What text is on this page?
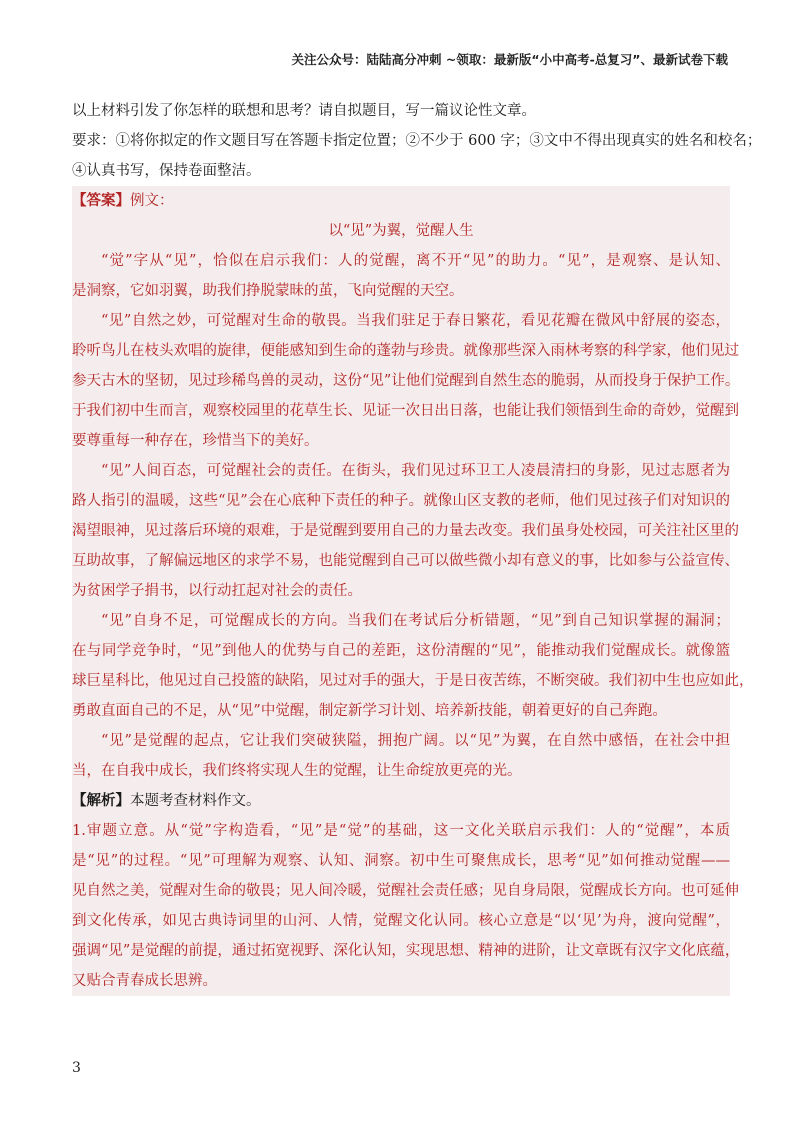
关注公众号：陆陆高分冲刺 ~领取：最新版“小中高考-总复习”、最新试卷下载
以上材料引发了你怎样的联想和思考？请自拟题目，写一篇议论性文章。
要求：①将你拟定的作文题目写在答题卡指定位置；②不少于 600 字；③文中不得出现真实的姓名和校名；
④认真书写，保持卷面整洁。
【答案】例文：
以“见”为翼，觉醒人生
“觉”字从“见”，恰似在启示我们：人的觉醒，离不开“见”的助力。“见”，是观察、是认知、
是洞察，它如羽翼，助我们挣脱蒙昧的茧，飞向觉醒的天空。
“见”自然之妙，可觉醒对生命的敬畏。当我们驻足于春日繁花，看见花瓣在微风中舒展的姿态，
聆听鸟儿在枝头欢唱的旋律，便能感知到生命的蓬勃与珍贵。就像那些深入雨林考察的科学家，他们见过
参天古木的坚韧，见过珍稀鸟兽的灵动，这份“见”让他们觉醒到自然生态的脆弱，从而投身于保护工作。
于我们初中生而言，观察校园里的花草生长、见证一次日出日落，也能让我们领悟到生命的奇妙，觉醒到
要尊重每一种存在，珍惜当下的美好。
“见”人间百态，可觉醒社会的责任。在街头，我们见过环卫工人凌晨清扫的身影，见过志愿者为
路人指引的温暖，这些“见”会在心底种下责任的种子。就像山区支教的老师，他们见过孩子们对知识的
渴望眼神，见过落后环境的艰难，于是觉醒到要用自己的力量去改变。我们虽身处校园，可关注社区里的
互助故事，了解偏远地区的求学不易，也能觉醒到自己可以做些微小却有意义的事，比如参与公益宣传、
为贫困学子捐书，以行动扛起对社会的责任。
“见”自身不足，可觉醒成长的方向。当我们在考试后分析错题，“见”到自己知识掌握的漏洞；
在与同学竞争时，“见”到他人的优势与自己的差距，这份清醒的“见”，能推动我们觉醒成长。就像篮
球巨星科比，他见过自己投篮的缺陷，见过对手的强大，于是日夜苦练，不断突破。我们初中生也应如此，
勇敢直面自己的不足，从“见”中觉醒，制定新学习计划、培养新技能，朝着更好的自己奔跑。
“见”是觉醒的起点，它让我们突破狭隘，拥抱广阔。以“见”为翼，在自然中感悟，在社会中担
当，在自我中成长，我们终将实现人生的觉醒，让生命绽放更亮的光。
【解析】本题考查材料作文。
1.审题立意。从“觉”字构造看，“见”是“觉”的基础，这一文化关联启示我们：人的“觉醒”，本质
是“见”的过程。“见”可理解为观察、认知、洞察。初中生可聚焦成长，思考“见”如何推动觉醒——
见自然之美，觉醒对生命的敬畏；见人间冷暖，觉醒社会责任感；见自身局限，觉醒成长方向。也可延伸
到文化传承，如见古典诗词里的山河、人情，觉醒文化认同。核心立意是“以‘见’为舟，渡向觉醒”，
强调“见”是觉醒的前提，通过拓宽视野、深化认知，实现思想、精神的进阶，让文章既有汉字文化底蕴，
又贴合青春成长思辨。
3
